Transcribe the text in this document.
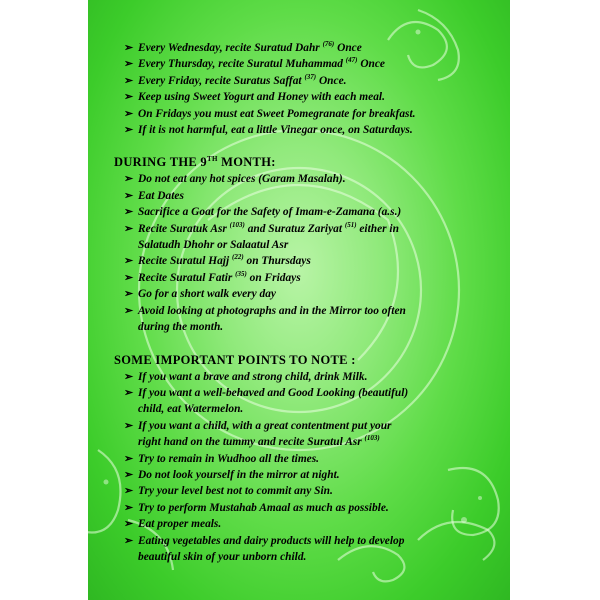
➢ Every Wednesday, recite Suratud Dahr $^{(76)}$ Once
➢ Every Thursday, recite Suratul Muhammad $^{(47)}$ Once
➢ Every Friday, recite Suratus Saffat $^{(37)}$ Once.
➢ Keep using Sweet Yogurt and Honey with each meal.
➢ On Fridays you must eat Sweet Pomegranate for breakfast.
➢ If it is not harmful, eat a little Vinegar once, on Saturdays.
DURING THE 9TH MONTH:
➢ Do not eat any hot spices (Garam Masalah).
➢ Eat Dates
➢ Sacrifice a Goat for the Safety of Imam-e-Zamana (a.s.)
➢ Recite Suratuk Asr $^{(103)}$ and Suratuz Zariyat $^{(51)}$ either in
Salatudh Dhohr or Salaatul Asr
➢ Recite Suratul Hajj $^{(22)}$ on Thursdays
➢ Recite Suratul Fatir $^{(35)}$ on Fridays
➢ Go for a short walk every day
➢ Avoid looking at photographs and in the Mirror too often
during the month.
SOME IMPORTANT POINTS TO NOTE :
➢ If you want a brave and strong child, drink Milk.
➢ If you want a well-behaved and Good Looking (beautiful)
child, eat Watermelon.
➢ If you want a child, with a great contentment put your
right hand on the tummy and recite Suratul Asr $^{(103)}$
➢ Try to remain in Wudhoo all the times.
➢ Do not look yourself in the mirror at night.
➢ Try your level best not to commit any Sin.
➢ Try to perform Mustahab Amaal as much as possible.
➢ Eat proper meals.
➢ Eating vegetables and dairy products will help to develop
beautiful skin of your unborn child.
